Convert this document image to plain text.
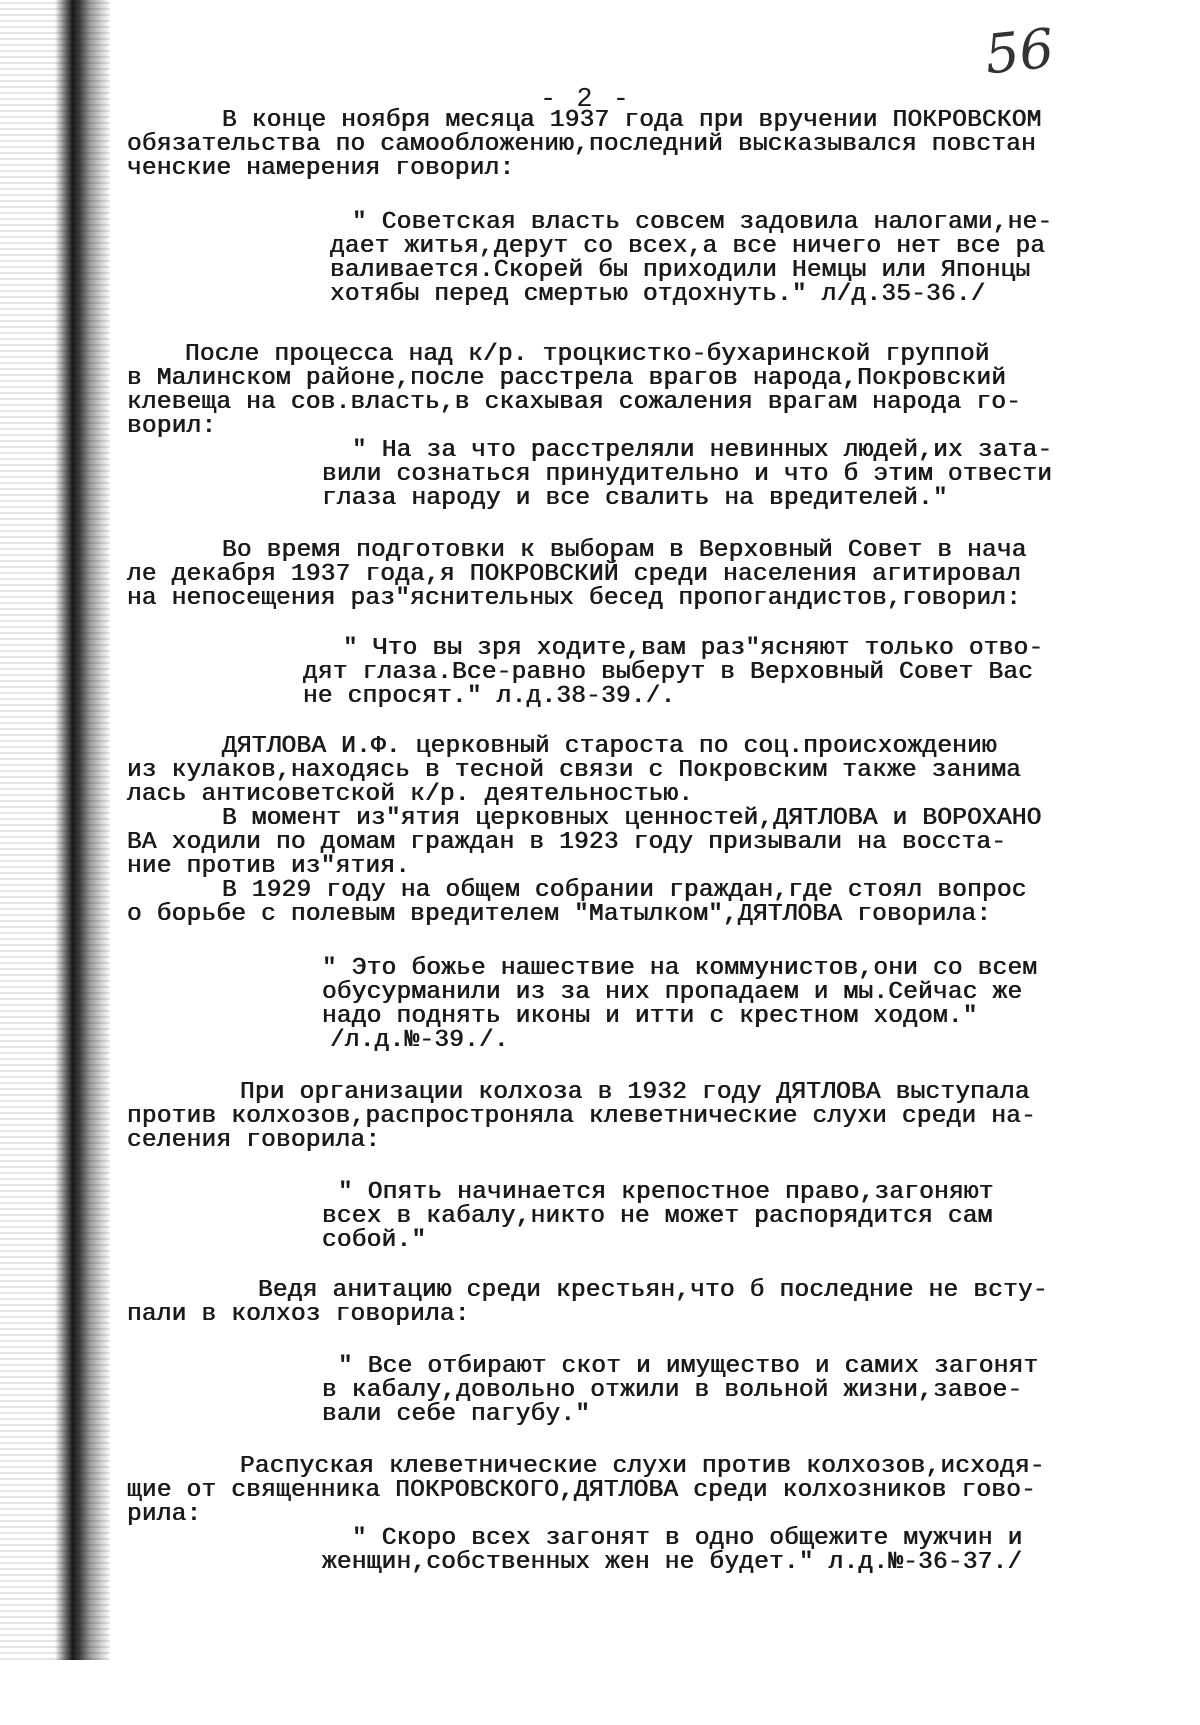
56
- 2 -
В конце ноября месяца 1937 года при вручении ПОКРОВСКОМ
обязательства по самообложению,последний высказывался повстан
ченские намерения говорил:
" Советская власть совсем задовила налогами,не-
дает житья,дерут со всех,а все ничего нет все ра
валивается.Скорей бы приходили Немцы или Японцы
хотябы перед смертью отдохнуть." л/д.35-36./
После процесса над к/р. троцкистко-бухаринской группой
в Малинском районе,после расстрела врагов народа,Покровский
клевеща на сов.власть,в скахывая сожаления врагам народа го-
ворил:
" На за что расстреляли невинных людей,их зата-
вили сознаться принудительно и что б этим отвести
глаза народу и все свалить на вредителей."
Во время подготовки к выборам в Верховный Совет в нача
ле декабря 1937 года,я ПОКРОВСКИЙ среди населения агитировал
на непосещения раз"яснительных бесед пропогандистов,говорил:
" Что вы зря ходите,вам раз"ясняют только отво-
дят глаза.Все-равно выберут в Верховный Совет Вас
не спросят." л.д.38-39./.
ДЯТЛОВА И.Ф. церковный староста по соц.происхождению
из кулаков,находясь в тесной связи с Покровским также занима
лась антисоветской к/р. деятельностью.
В момент из"ятия церковных ценностей,ДЯТЛОВА и ВОРОХАНО
ВА ходили по домам граждан в 1923 году призывали на восста-
ние против из"ятия.
В 1929 году на общем собрании граждан,где стоял вопрос
о борьбе с полевым вредителем "Матылком",ДЯТЛОВА говорила:
" Это божье нашествие на коммунистов,они со всем
обусурманили из за них пропадаем и мы.Сейчас же
надо поднять иконы и итти с крестном ходом."
/л.д.№-39./.
При организации колхоза в 1932 году ДЯТЛОВА выступала
против колхозов,распростроняла клеветнические слухи среди на-
селения говорила:
" Опять начинается крепостное право,загоняют
всех в кабалу,никто не может распорядится сам
собой."
Ведя анитацию среди крестьян,что б последние не всту-
пали в колхоз говорила:
" Все отбирают скот и имущество и самих загонят
в кабалу,довольно отжили в вольной жизни,завое-
вали себе пагубу."
Распуская клеветнические слухи против колхозов,исходя-
щие от священника ПОКРОВСКОГО,ДЯТЛОВА среди колхозников гово-
рила:
" Скоро всех загонят в одно общежите мужчин и
женщин,собственных жен не будет." л.д.№-36-37./
